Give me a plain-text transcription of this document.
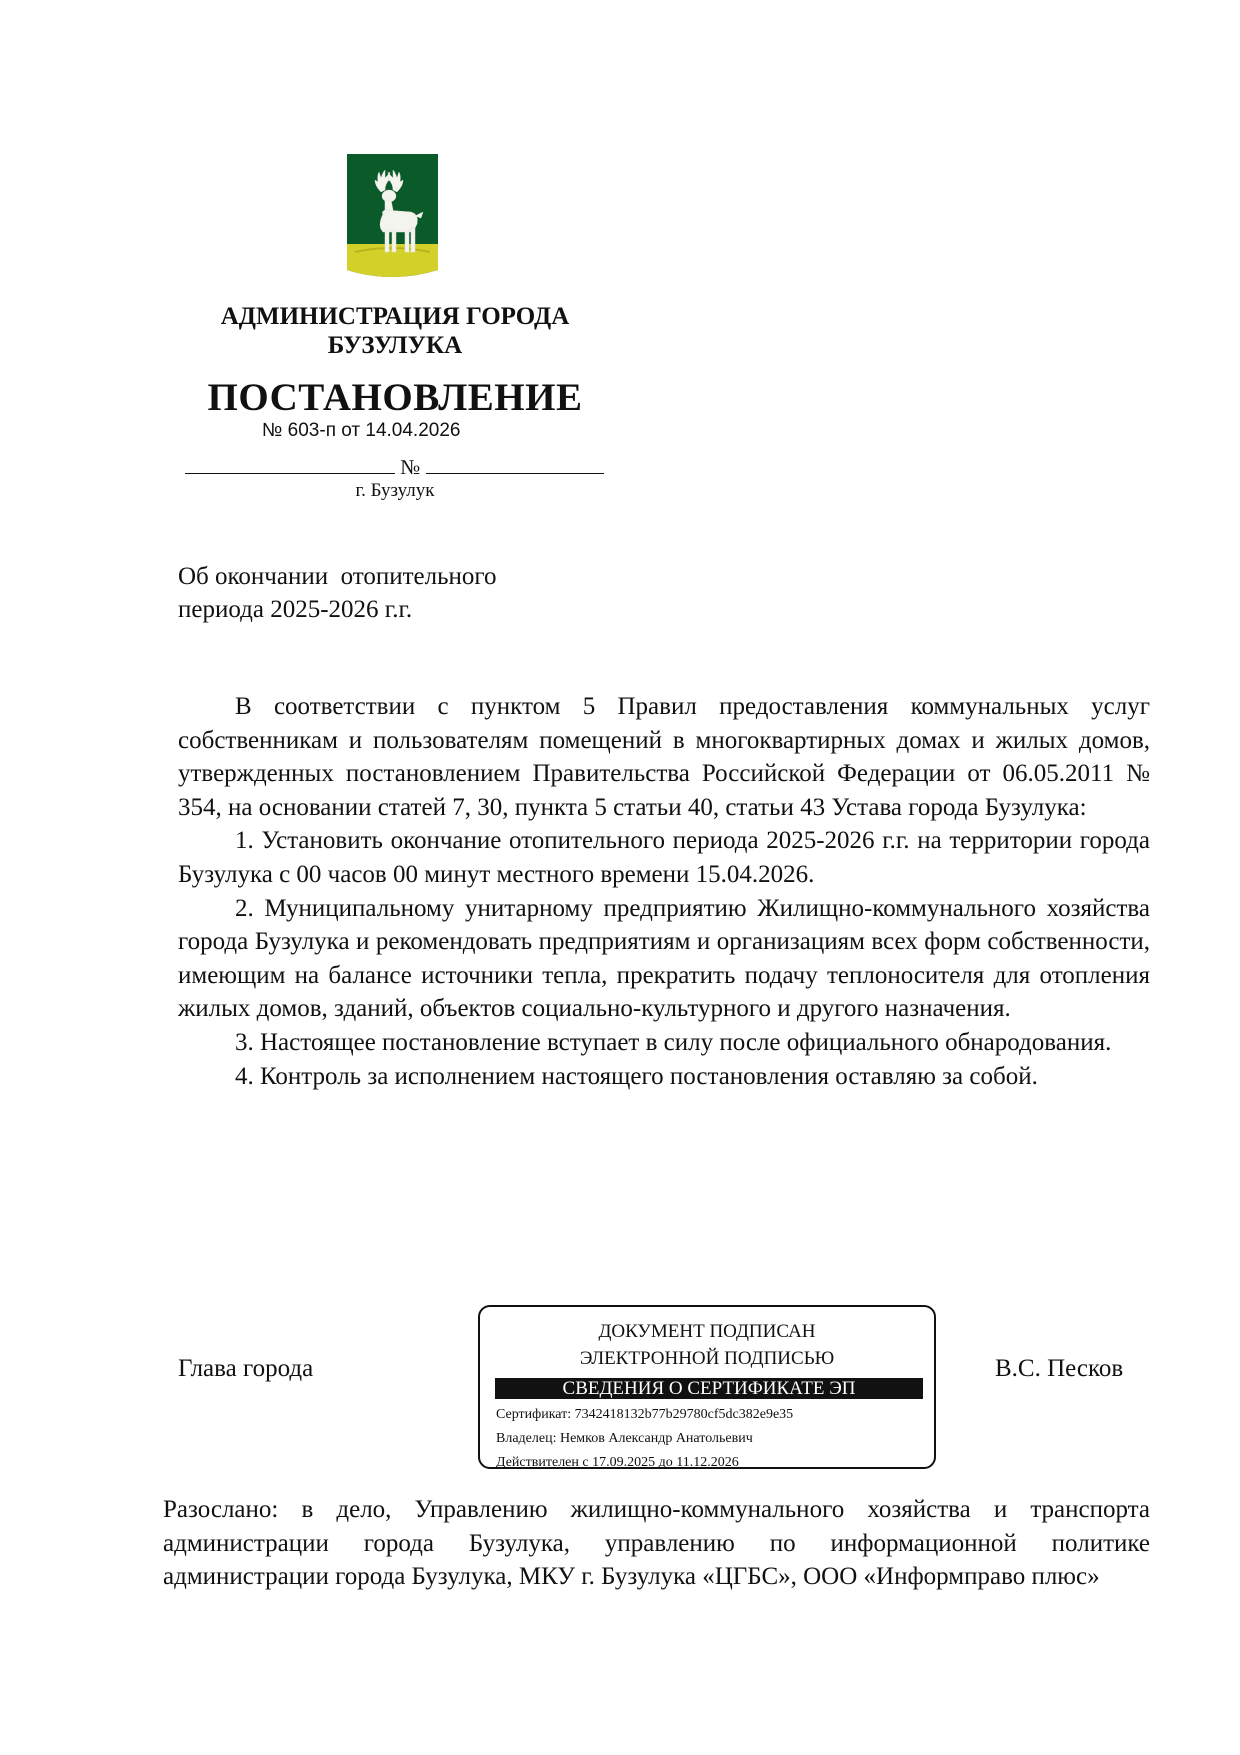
АДМИНИСТРАЦИЯ ГОРОДА
БУЗУЛУКА
ПОСТАНОВЛЕНИЕ
№ 603-п от 14.04.2026
№
г. Бузулук
Об окончании  отопительного
периода 2025-2026 г.г.

В соответствии с пунктом 5 Правил предоставления коммунальных услуг собственникам и пользователям помещений в многоквартирных домах и жилых домов, утвержденных постановлением Правительства Российской Федерации от 06.05.2011 № 354, на основании статей 7, 30, пункта 5 статьи 40, статьи 43 Устава города Бузулука:

1. Установить окончание отопительного периода 2025-2026 г.г. на территории города Бузулука с 00 часов 00 минут местного времени 15.04.2026.

2. Муниципальному унитарному предприятию Жилищно-коммунального хозяйства города Бузулука и рекомендовать предприятиям и организациям всех форм собственности, имеющим на балансе источники тепла, прекратить подачу теплоносителя для отопления жилых домов, зданий, объектов социально-культурного и другого назначения.

3. Настоящее постановление вступает в силу после официального обнародования.

4. Контроль за исполнением настоящего постановления оставляю за собой.

Глава города
ДОКУМЕНТ ПОДПИСАН
ЭЛЕКТРОННОЙ ПОДПИСЬЮ
СВЕДЕНИЯ О СЕРТИФИКАТЕ ЭП
Сертификат: 7342418132b77b29780cf5dc382e9e35
Владелец: Немков Александр Анатольевич
Действителен с 17.09.2025 до 11.12.2026
В.С. Песков

Разослано: в дело, Управлению жилищно-коммунального хозяйства и транспорта администрации города Бузулука, управлению по информационной политике администрации города Бузулука, МКУ г. Бузулука «ЦГБС», ООО «Информправо плюс»
